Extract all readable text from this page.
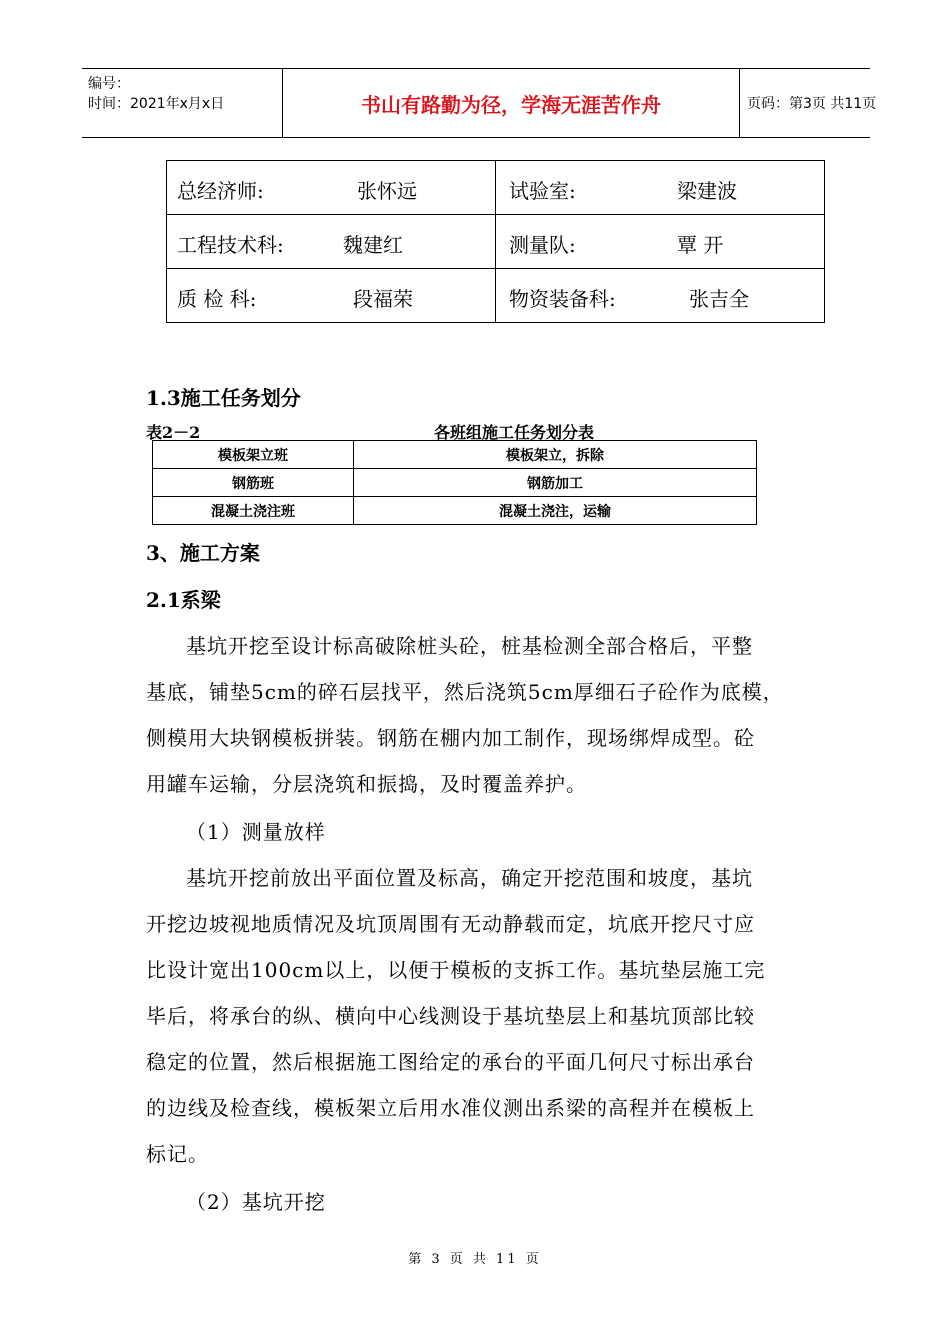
编号：
时间：2021年x月x日	书山有路勤为径，学海无涯苦作舟	页码：第3页 共11页
总经济师: 张怀远	试验室: 梁建波

工程技术科: 魏建红	测量队: 覃 开

质 检 科: 段福荣	物资装备科: 张吉全
1.3施工任务划分
表2－2	各班组施工任务划分表
模板架立班	模板架立，拆除
钢筋班	钢筋加工
混凝土浇注班	混凝土浇注，运输
3、施工方案
2.1系梁
基坑开挖至设计标高破除桩头砼，桩基检测全部合格后，平整
基底，铺垫5cm的碎石层找平，然后浇筑5cm厚细石子砼作为底模，
侧模用大块钢模板拼装。钢筋在棚内加工制作，现场绑焊成型。砼
用罐车运输，分层浇筑和振捣，及时覆盖养护。
（1）测量放样
基坑开挖前放出平面位置及标高，确定开挖范围和坡度，基坑
开挖边坡视地质情况及坑顶周围有无动静载而定，坑底开挖尺寸应
比设计宽出100cm以上，以便于模板的支拆工作。基坑垫层施工完
毕后，将承台的纵、横向中心线测设于基坑垫层上和基坑顶部比较
稳定的位置，然后根据施工图给定的承台的平面几何尺寸标出承台
的边线及检查线，模板架立后用水准仪测出系梁的高程并在模板上
标记。
（2）基坑开挖
第 3 页 共 11 页
